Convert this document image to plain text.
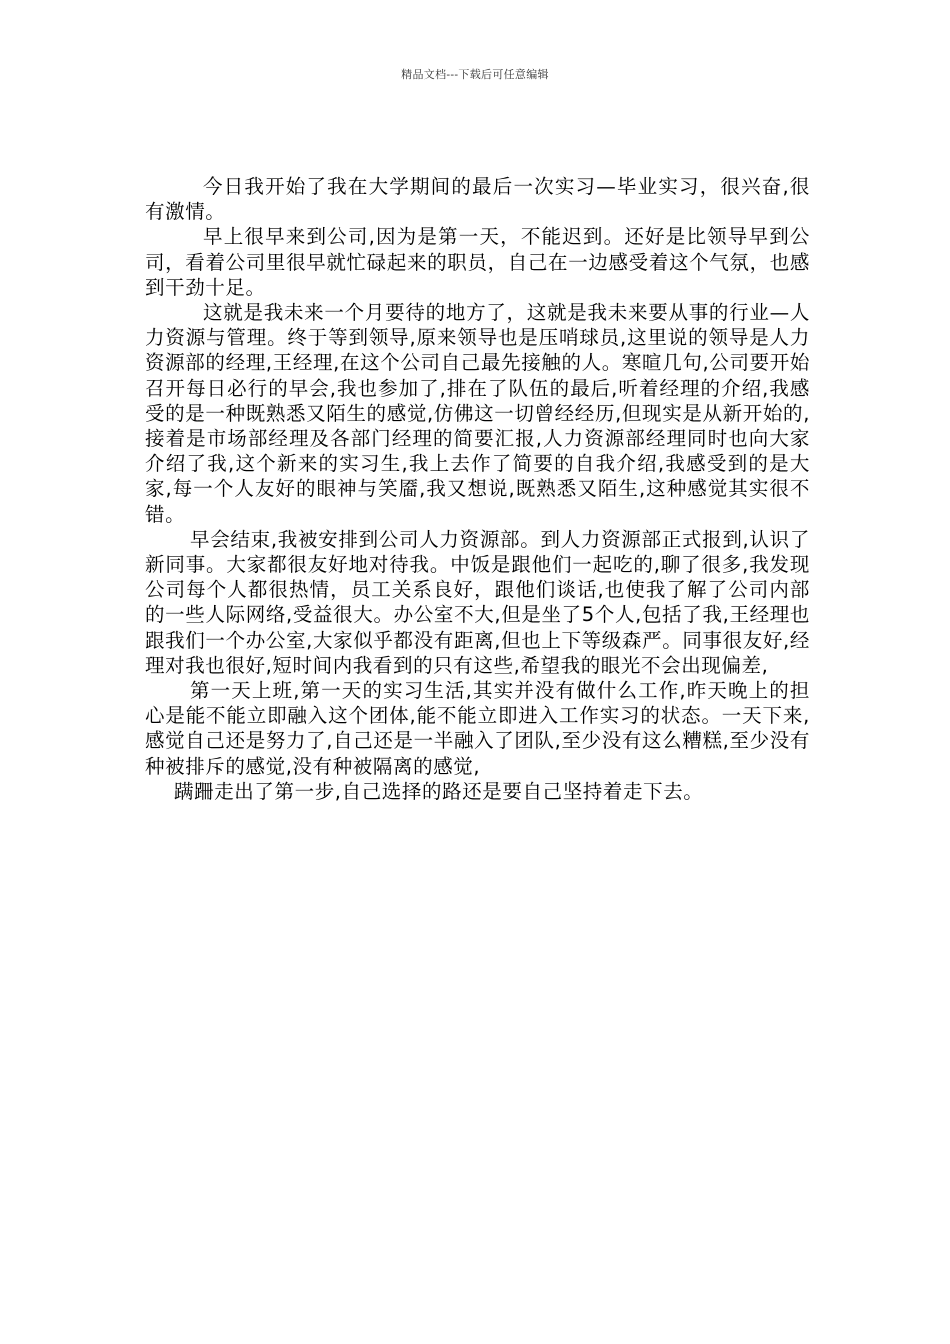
精品文档---下载后可任意编辑

今日我开始了我在大学期间的最后一次实习—毕业实习，很兴奋,很有激情。

早上很早来到公司,因为是第一天，不能迟到。还好是比领导早到公司，看着公司里很早就忙碌起来的职员，自己在一边感受着这个气氛，也感到干劲十足。

这就是我未来一个月要待的地方了，这就是我未来要从事的行业—人力资源与管理。终于等到领导,原来领导也是压哨球员,这里说的领导是人力资源部的经理,王经理,在这个公司自己最先接触的人。寒暄几句,公司要开始召开每日必行的早会,我也参加了,排在了队伍的最后,听着经理的介绍,我感受的是一种既熟悉又陌生的感觉,仿佛这一切曾经经历,但现实是从新开始的,接着是市场部经理及各部门经理的简要汇报,人力资源部经理同时也向大家介绍了我,这个新来的实习生,我上去作了简要的自我介绍,我感受到的是大家,每一个人友好的眼神与笑靥,我又想说,既熟悉又陌生,这种感觉其实很不错。

早会结束,我被安排到公司人力资源部。到人力资源部正式报到,认识了新同事。大家都很友好地对待我。中饭是跟他们一起吃的,聊了很多,我发现公司每个人都很热情，员工关系良好，跟他们谈话,也使我了解了公司内部的一些人际网络,受益很大。办公室不大,但是坐了5个人,包括了我,王经理也跟我们一个办公室,大家似乎都没有距离,但也上下等级森严。同事很友好,经理对我也很好,短时间内我看到的只有这些,希望我的眼光不会出现偏差,

第一天上班,第一天的实习生活,其实并没有做什么工作,昨天晚上的担心是能不能立即融入这个团体,能不能立即进入工作实习的状态。一天下来,感觉自己还是努力了,自己还是一半融入了团队,至少没有这么糟糕,至少没有种被排斥的感觉,没有种被隔离的感觉,

蹒跚走出了第一步,自己选择的路还是要自己坚持着走下去。
